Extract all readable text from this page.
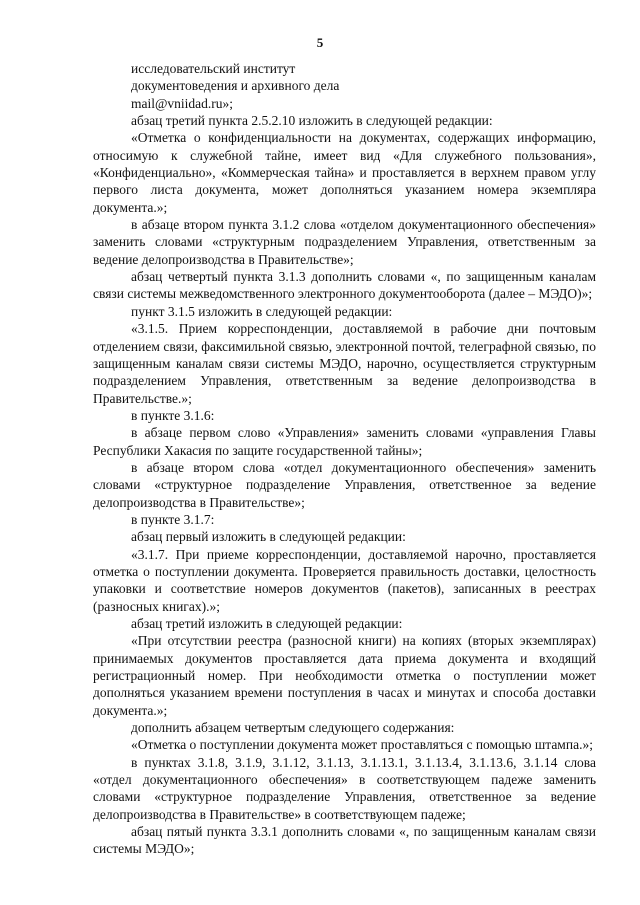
5

исследовательский институт

документоведения и архивного дела

mail@vniidad.ru»;

абзац третий пункта 2.5.2.10 изложить в следующей редакции:

«Отметка о конфиденциальности на документах, содержащих информацию, относимую к служебной тайне, имеет вид «Для служебного пользования», «Конфиденциально», «Коммерческая тайна» и проставляется в верхнем правом углу первого листа документа, может дополняться указанием номера экземпляра документа.»;

в абзаце втором пункта 3.1.2 слова «отделом документационного обеспечения» заменить словами «структурным подразделением Управления, ответственным за ведение делопроизводства в Правительстве»;

абзац четвертый пункта 3.1.3 дополнить словами «, по защищенным каналам связи системы межведомственного электронного документооборота (далее – МЭДО)»;

пункт 3.1.5 изложить в следующей редакции:

«3.1.5. Прием корреспонденции, доставляемой в рабочие дни почтовым отделением связи, факсимильной связью, электронной почтой, телеграфной связью, по защищенным каналам связи системы МЭДО, нарочно, осуществляется структурным подразделением Управления, ответственным за ведение делопроизводства в Правительстве.»;

в пункте 3.1.6:

в абзаце первом слово «Управления» заменить словами «управления Главы Республики Хакасия по защите государственной тайны»;

в абзаце втором слова «отдел документационного обеспечения» заменить словами «структурное подразделение Управления, ответственное за ведение делопроизводства в Правительстве»;

в пункте 3.1.7:

абзац первый изложить в следующей редакции:

«3.1.7. При приеме корреспонденции, доставляемой нарочно, проставляется отметка о поступлении документа. Проверяется правильность доставки, целостность упаковки и соответствие номеров документов (пакетов), записанных в реестрах (разносных книгах).»;

абзац третий изложить в следующей редакции:

«При отсутствии реестра (разносной книги) на копиях (вторых экземплярах) принимаемых документов проставляется дата приема документа и входящий регистрационный номер. При необходимости отметка о поступлении может дополняться указанием времени поступления в часах и минутах и способа доставки документа.»;

дополнить абзацем четвертым следующего содержания:

«Отметка о поступлении документа может проставляться с помощью штампа.»;

в пунктах 3.1.8, 3.1.9, 3.1.12, 3.1.13, 3.1.13.1, 3.1.13.4, 3.1.13.6, 3.1.14 слова «отдел документационного обеспечения» в соответствующем падеже заменить словами «структурное подразделение Управления, ответственное за ведение делопроизводства в Правительстве» в соответствующем падеже;

абзац пятый пункта 3.3.1 дополнить словами «, по защищенным каналам связи системы МЭДО»;
